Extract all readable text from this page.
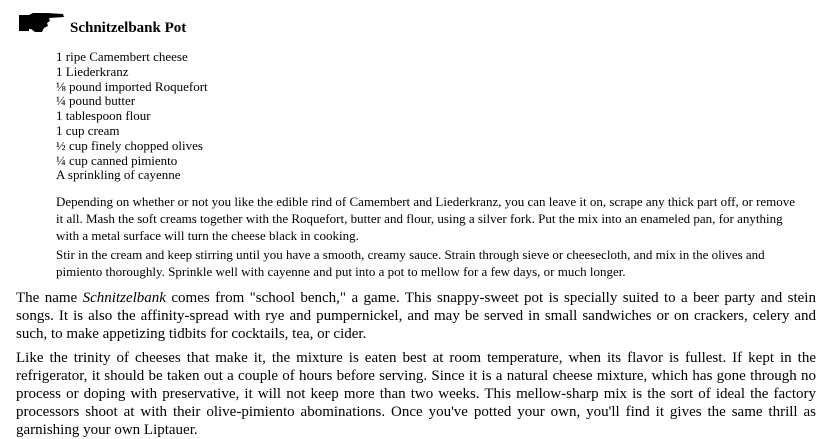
Schnitzelbank Pot
1 ripe Camembert cheese
1 Liederkranz
⅛ pound imported Roquefort
¼ pound butter
1 tablespoon flour
1 cup cream
½ cup finely chopped olives
¼ cup canned pimiento
A sprinkling of cayenne

Depending on whether or not you like the edible rind of Camembert and Liederkranz, you can leave it on, scrape any thick part off, or remove it all. Mash the soft creams together with the Roquefort, butter and flour, using a silver fork. Put the mix into an enameled pan, for anything with a metal surface will turn the cheese black in cooking.

Stir in the cream and keep stirring until you have a smooth, creamy sauce. Strain through sieve or cheesecloth, and mix in the olives and pimiento thoroughly. Sprinkle well with cayenne and put into a pot to mellow for a few days, or much longer.

The name Schnitzelbank comes from "school bench," a game. This snappy-sweet pot is specially suited to a beer party and stein songs. It is also the affinity-spread with rye and pumpernickel, and may be served in small sandwiches or on crackers, celery and such, to make appetizing tidbits for cocktails, tea, or cider.

Like the trinity of cheeses that make it, the mixture is eaten best at room temperature, when its flavor is fullest. If kept in the refrigerator, it should be taken out a couple of hours before serving. Since it is a natural cheese mixture, which has gone through no process or doping with preservative, it will not keep more than two weeks. This mellow-sharp mix is the sort of ideal the factory processors shoot at with their olive-pimiento abominations. Once you've potted your own, you'll find it gives the same thrill as garnishing your own Liptauer.
